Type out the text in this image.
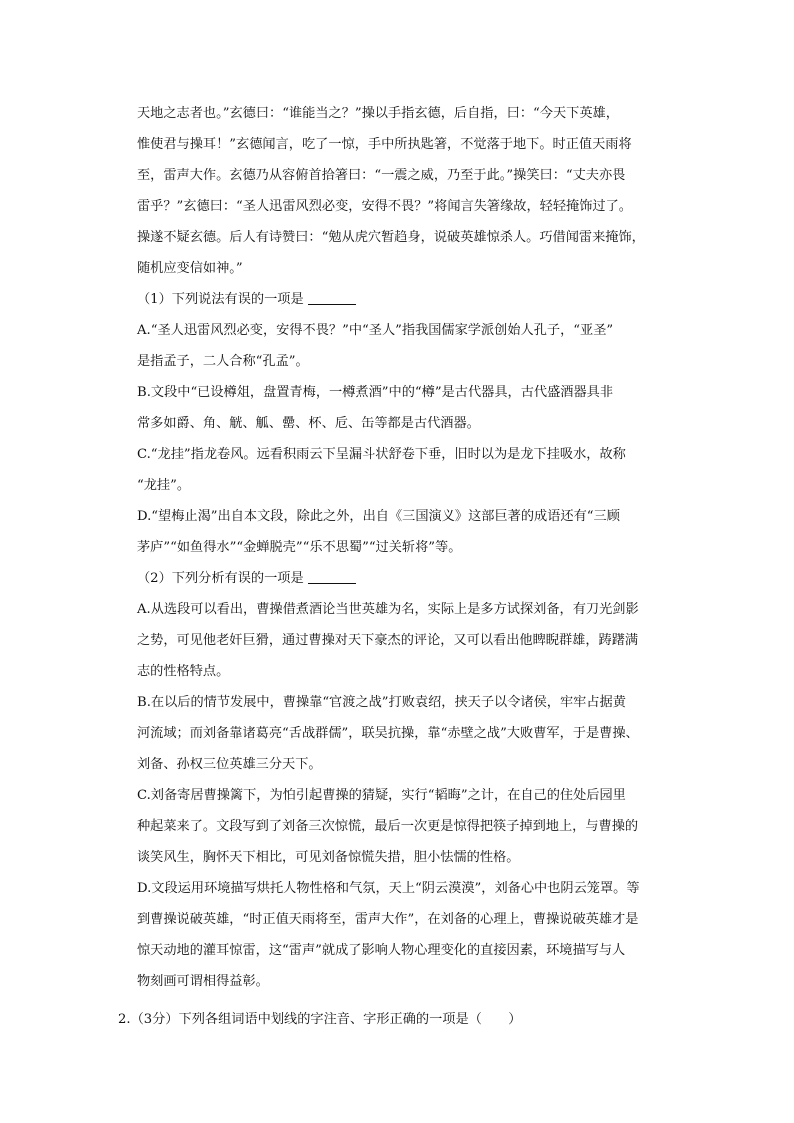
天地之志者也。”玄德曰：“谁能当之？”操以手指玄德，后自指，曰：“今天下英雄，
惟使君与操耳！”玄德闻言，吃了一惊，手中所执匙箸，不觉落于地下。时正值天雨将
至，雷声大作。玄德乃从容俯首拾箸曰：“一震之威，乃至于此。”操笑曰：“丈夫亦畏
雷乎？”玄德曰：“圣人迅雷风烈必变，安得不畏？”将闻言失箸缘故，轻轻掩饰过了。
操遂不疑玄德。后人有诗赞曰：“勉从虎穴暂趋身，说破英雄惊杀人。巧借闻雷来掩饰，
随机应变信如神。”
（1）下列说法有误的一项是
A.“圣人迅雷风烈必变，安得不畏？”中“圣人”指我国儒家学派创始人孔子，“亚圣”
是指孟子，二人合称“孔孟”。
B.文段中“已设樽俎，盘置青梅，一樽煮酒”中的“樽”是古代器具，古代盛酒器具非
常多如爵、角、觥、觚、罍、杯、卮、缶等都是古代酒器。
C.“龙挂”指龙卷风。远看积雨云下呈漏斗状舒卷下垂，旧时以为是龙下挂吸水，故称
“龙挂”。
D.“望梅止渴”出自本文段，除此之外，出自《三国演义》这部巨著的成语还有“三顾
茅庐”“如鱼得水”“金蝉脱壳”“乐不思蜀”“过关斩将”等。
（2）下列分析有误的一项是
A.从选段可以看出，曹操借煮酒论当世英雄为名，实际上是多方试探刘备，有刀光剑影
之势，可见他老奸巨猾，通过曹操对天下豪杰的评论，又可以看出他睥睨群雄，踌躇满
志的性格特点。
B.在以后的情节发展中，曹操靠“官渡之战”打败袁绍，挟天子以令诸侯，牢牢占据黄
河流域；而刘备靠诸葛亮“舌战群儒”，联吴抗操，靠“赤壁之战”大败曹军，于是曹操、
刘备、孙权三位英雄三分天下。
C.刘备寄居曹操篱下，为怕引起曹操的猜疑，实行“韬晦”之计，在自己的住处后园里
种起菜来了。文段写到了刘备三次惊慌，最后一次更是惊得把筷子掉到地上，与曹操的
谈笑风生，胸怀天下相比，可见刘备惊慌失措，胆小怯懦的性格。
D.文段运用环境描写烘托人物性格和气氛，天上“阴云漠漠”，刘备心中也阴云笼罩。等
到曹操说破英雄，“时正值天雨将至，雷声大作”，在刘备的心理上，曹操说破英雄才是
惊天动地的灌耳惊雷，这“雷声”就成了影响人物心理变化的直接因素，环境描写与人
物刻画可谓相得益彰。
2.（3分）下列各组词语中划线的字注音、字形正确的一项是（　　）
